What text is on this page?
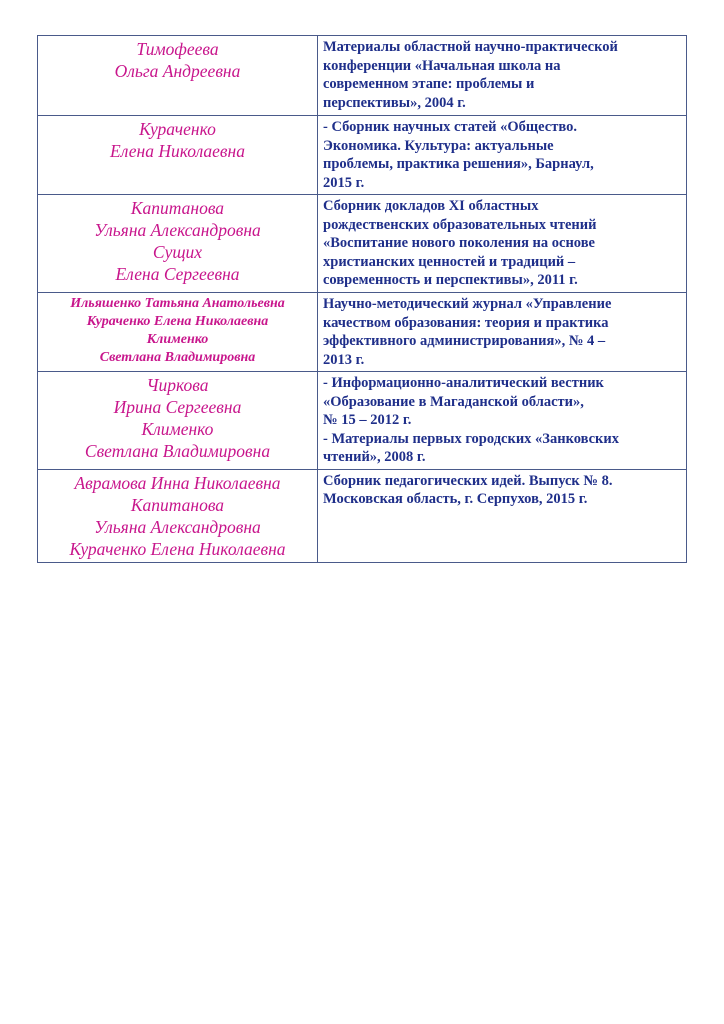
Тимофеева
Ольга Андреевна	Материалы областной научно-практической
конференции «Начальная школа на
современном этапе: проблемы и
перспективы», 2004 г.

Кураченко
Елена Николаевна	- Сборник научных статей «Общество.
Экономика. Культура: актуальные
проблемы, практика решения», Барнаул,
2015 г.

Капитанова
Ульяна Александровна
Сущих
Елена Сергеевна	Сборник докладов XI областных
рождественских образовательных чтений
«Воспитание нового поколения на основе
христианских ценностей и традиций –
современность и перспективы», 2011 г.

Ильяшенко Татьяна Анатольевна
Кураченко Елена Николаевна
Клименко
Светлана Владимировна	Научно-методический журнал «Управление
качеством образования: теория и практика
эффективного администрирования», № 4 –
2013 г.

Чиркова
Ирина Сергеевна
Клименко
Светлана Владимировна	- Информационно-аналитический вестник
«Образование в Магаданской области»,
№ 15 – 2012 г.
- Материалы первых городских «Занковских
чтений», 2008 г.

Аврамова Инна Николаевна
Капитанова
Ульяна Александровна
Кураченко Елена Николаевна	Сборник педагогических идей. Выпуск № 8.
Московская область, г. Серпухов, 2015 г.
